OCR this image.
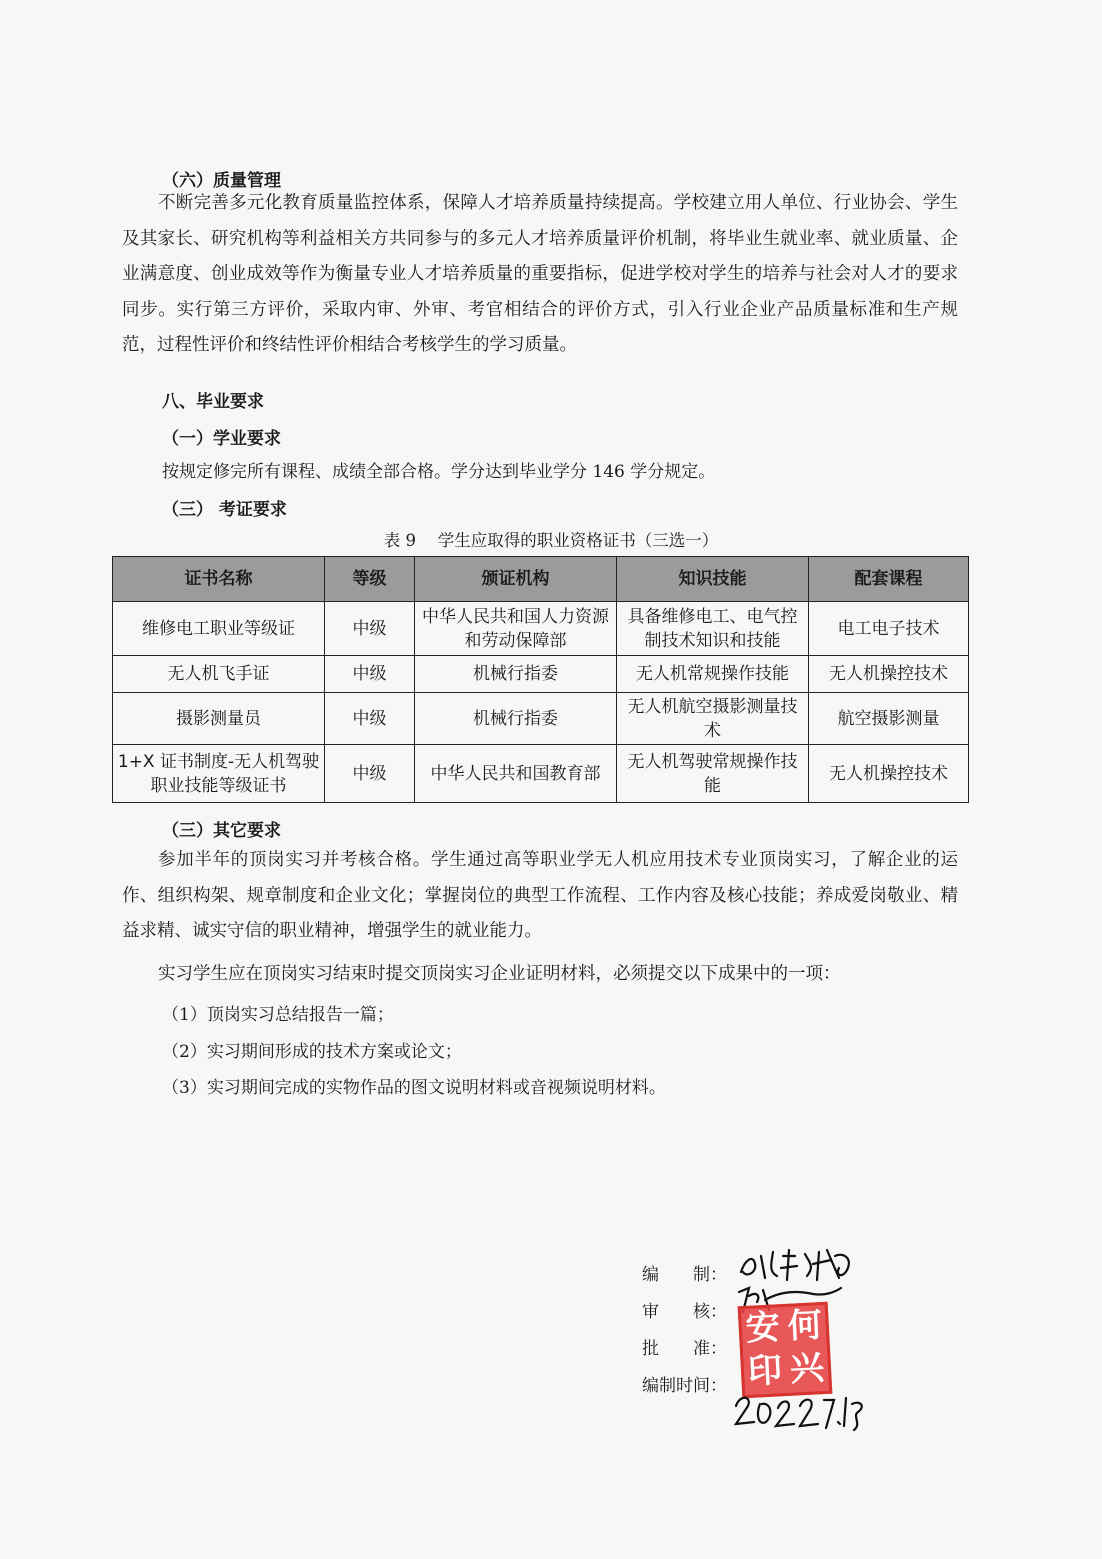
（六）质量管理

不断完善多元化教育质量监控体系，保障人才培养质量持续提高。学校建立用人单位、行业协会、学生及其家长、研究机构等利益相关方共同参与的多元人才培养质量评价机制，将毕业生就业率、就业质量、企业满意度、创业成效等作为衡量专业人才培养质量的重要指标，促进学校对学生的培养与社会对人才的要求同步。实行第三方评价，采取内审、外审、考官相结合的评价方式，引入行业企业产品质量标准和生产规范，过程性评价和终结性评价相结合考核学生的学习质量。

八、毕业要求
（一）学业要求
按规定修完所有课程、成绩全部合格。学分达到毕业学分 146 学分规定。
（三） 考证要求
表 9　 学生应取得的职业资格证书（三选一）
证书名称	等级	颁证机构	知识技能	配套课程
维修电工职业等级证	中级	中华人民共和国人力资源和劳动保障部	具备维修电工、电气控制技术知识和技能	电工电子技术
无人机飞手证	中级	机械行指委	无人机常规操作技能	无人机操控技术
摄影测量员	中级	机械行指委	无人机航空摄影测量技术	航空摄影测量
1+X 证书制度-无人机驾驶职业技能等级证书	中级	中华人民共和国教育部	无人机驾驶常规操作技能	无人机操控技术
（三）其它要求

参加半年的顶岗实习并考核合格。学生通过高等职业学无人机应用技术专业顶岗实习，了解企业的运作、组织构架、规章制度和企业文化；掌握岗位的典型工作流程、工作内容及核心技能；养成爱岗敬业、精益求精、诚实守信的职业精神，增强学生的就业能力。

实习学生应在顶岗实习结束时提交顶岗实习企业证明材料，必须提交以下成果中的一项：

（1）顶岗实习总结报告一篇；
（2）实习期间形成的技术方案或论文；
（3）实习期间完成的实物作品的图文说明材料或音视频说明材料。
编　　制：
审　　核：
批　　准：
编制时间：
安 何
印 兴
